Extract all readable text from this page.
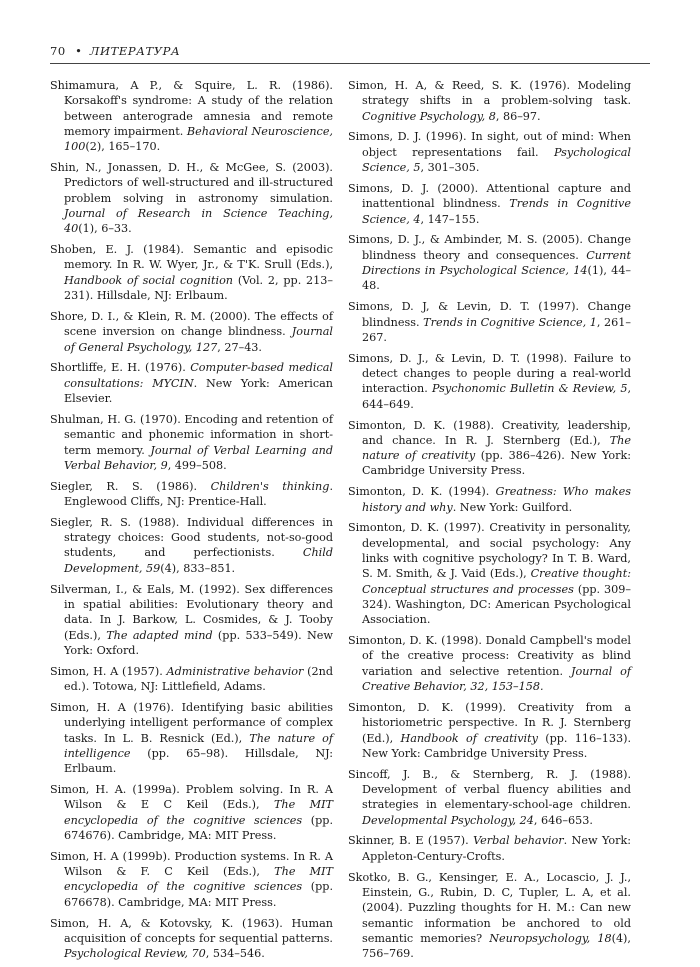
70 • ЛИТЕРАТУРА

Shimamura, A P., & Squire, L. R. (1986). Korsakoff's syndrome: A study of the relation between anterograde amnesia and remote memory impairment. Behavioral Neuroscience, 100(2), 165–170.

Shin, N., Jonassen, D. H., & McGee, S. (2003). Predictors of well-structured and ill-structured problem solving in astronomy simulation. Journal of Research in Science Teaching, 40(1), 6–33.

Shoben, E. J. (1984). Semantic and episodic memory. In R. W. Wyer, Jr., & T'K. Srull (Eds.), Handbook of social cognition (Vol. 2, pp. 213–231). Hillsdale, NJ: Erlbaum.

Shore, D. I., & Klein, R. M. (2000). The effects of scene inversion on change blindness. Journal of General Psychology, 127, 27–43.

Shortliffe, E. H. (1976). Computer-based medical consultations: MYCIN. New York: American Elsevier.

Shulman, H. G. (1970). Encoding and retention of semantic and phonemic information in short-term memory. Journal of Verbal Learning and Verbal Behavior, 9, 499–508.

Siegler, R. S. (1986). Children's thinking. Englewood Cliffs, NJ: Prentice-Hall.

Siegler, R. S. (1988). Individual differences in strategy choices: Good students, not-so-good students, and perfectionists. Child Development, 59(4), 833–851.

Silverman, I., & Eals, M. (1992). Sex differences in spatial abilities: Evolutionary theory and data. In J. Barkow, L. Cosmides, & J. Tooby (Eds.), The adapted mind (pp. 533–549). New York: Oxford.

Simon, H. A (1957). Administrative behavior (2nd ed.). Totowa, NJ: Littlefield, Adams.

Simon, H. A (1976). Identifying basic abilities underlying intelligent performance of complex tasks. In L. B. Resnick (Ed.), The nature of intelligence (pp. 65–98). Hillsdale, NJ: Erlbaum.

Simon, H. A. (1999a). Problem solving. In R. A Wilson & E C Keil (Eds.), The MIT encyclopedia of the cognitive sciences (pp. 674676). Cambridge, MA: MIT Press.

Simon, H. A (1999b). Production systems. In R. A Wilson & F. C Keil (Eds.), The MIT encyclopedia of the cognitive sciences (pp. 676678). Cambridge, MA: MIT Press.

Simon, H. A, & Kotovsky, K. (1963). Human acquisition of concepts for sequential patterns. Psychological Review, 70, 534–546.

Simon, H. A, & Reed, S. K. (1976). Modeling strategy shifts in a problem-solving task. Cognitive Psychology, 8, 86–97.

Simons, D. J. (1996). In sight, out of mind: When object representations fail. Psychological Science, 5, 301–305.

Simons, D. J. (2000). Attentional capture and inattentional blindness. Trends in Cognitive Science, 4, 147–155.

Simons, D. J., & Ambinder, M. S. (2005). Change blindness theory and consequences. Current Directions in Psychological Science, 14(1), 44–48.

Simons, D. J, & Levin, D. T. (1997). Change blindness. Trends in Cognitive Science, 1, 261–267.

Simons, D. J., & Levin, D. T. (1998). Failure to detect changes to people during a real-world interaction. Psychonomic Bulletin & Review, 5, 644–649.

Simonton, D. K. (1988). Creativity, leadership, and chance. In R. J. Sternberg (Ed.), The nature of creativity (pp. 386–426). New York: Cambridge University Press.

Simonton, D. K. (1994). Greatness: Who makes history and why. New York: Guilford.

Simonton, D. K. (1997). Creativity in personality, developmental, and social psychology: Any links with cognitive psychology? In T. B. Ward, S. M. Smith, & J. Vaid (Eds.), Creative thought: Conceptual structures and processes (pp. 309–324). Washington, DC: American Psychological Association.

Simonton, D. K. (1998). Donald Campbell's model of the creative process: Creativity as blind variation and selective retention. Journal of Creative Behavior, 32, 153–158.

Simonton, D. K. (1999). Creativity from a historiometric perspective. In R. J. Sternberg (Ed.), Handbook of creativity (pp. 116–133). New York: Cambridge University Press.

Sincoff, J. B., & Sternberg, R. J. (1988). Development of verbal fluency abilities and strategies in elementary-school-age children. Developmental Psychology, 24, 646–653.

Skinner, B. E (1957). Verbal behavior. New York: Appleton-Century-Crofts.

Skotko, B. G., Kensinger, E. A., Locascio, J. J., Einstein, G., Rubin, D. C, Tupler, L. A, et al. (2004). Puzzling thoughts for H. M.: Can new semantic information be anchored to old semantic memories? Neuropsychology, 18(4), 756–769.
